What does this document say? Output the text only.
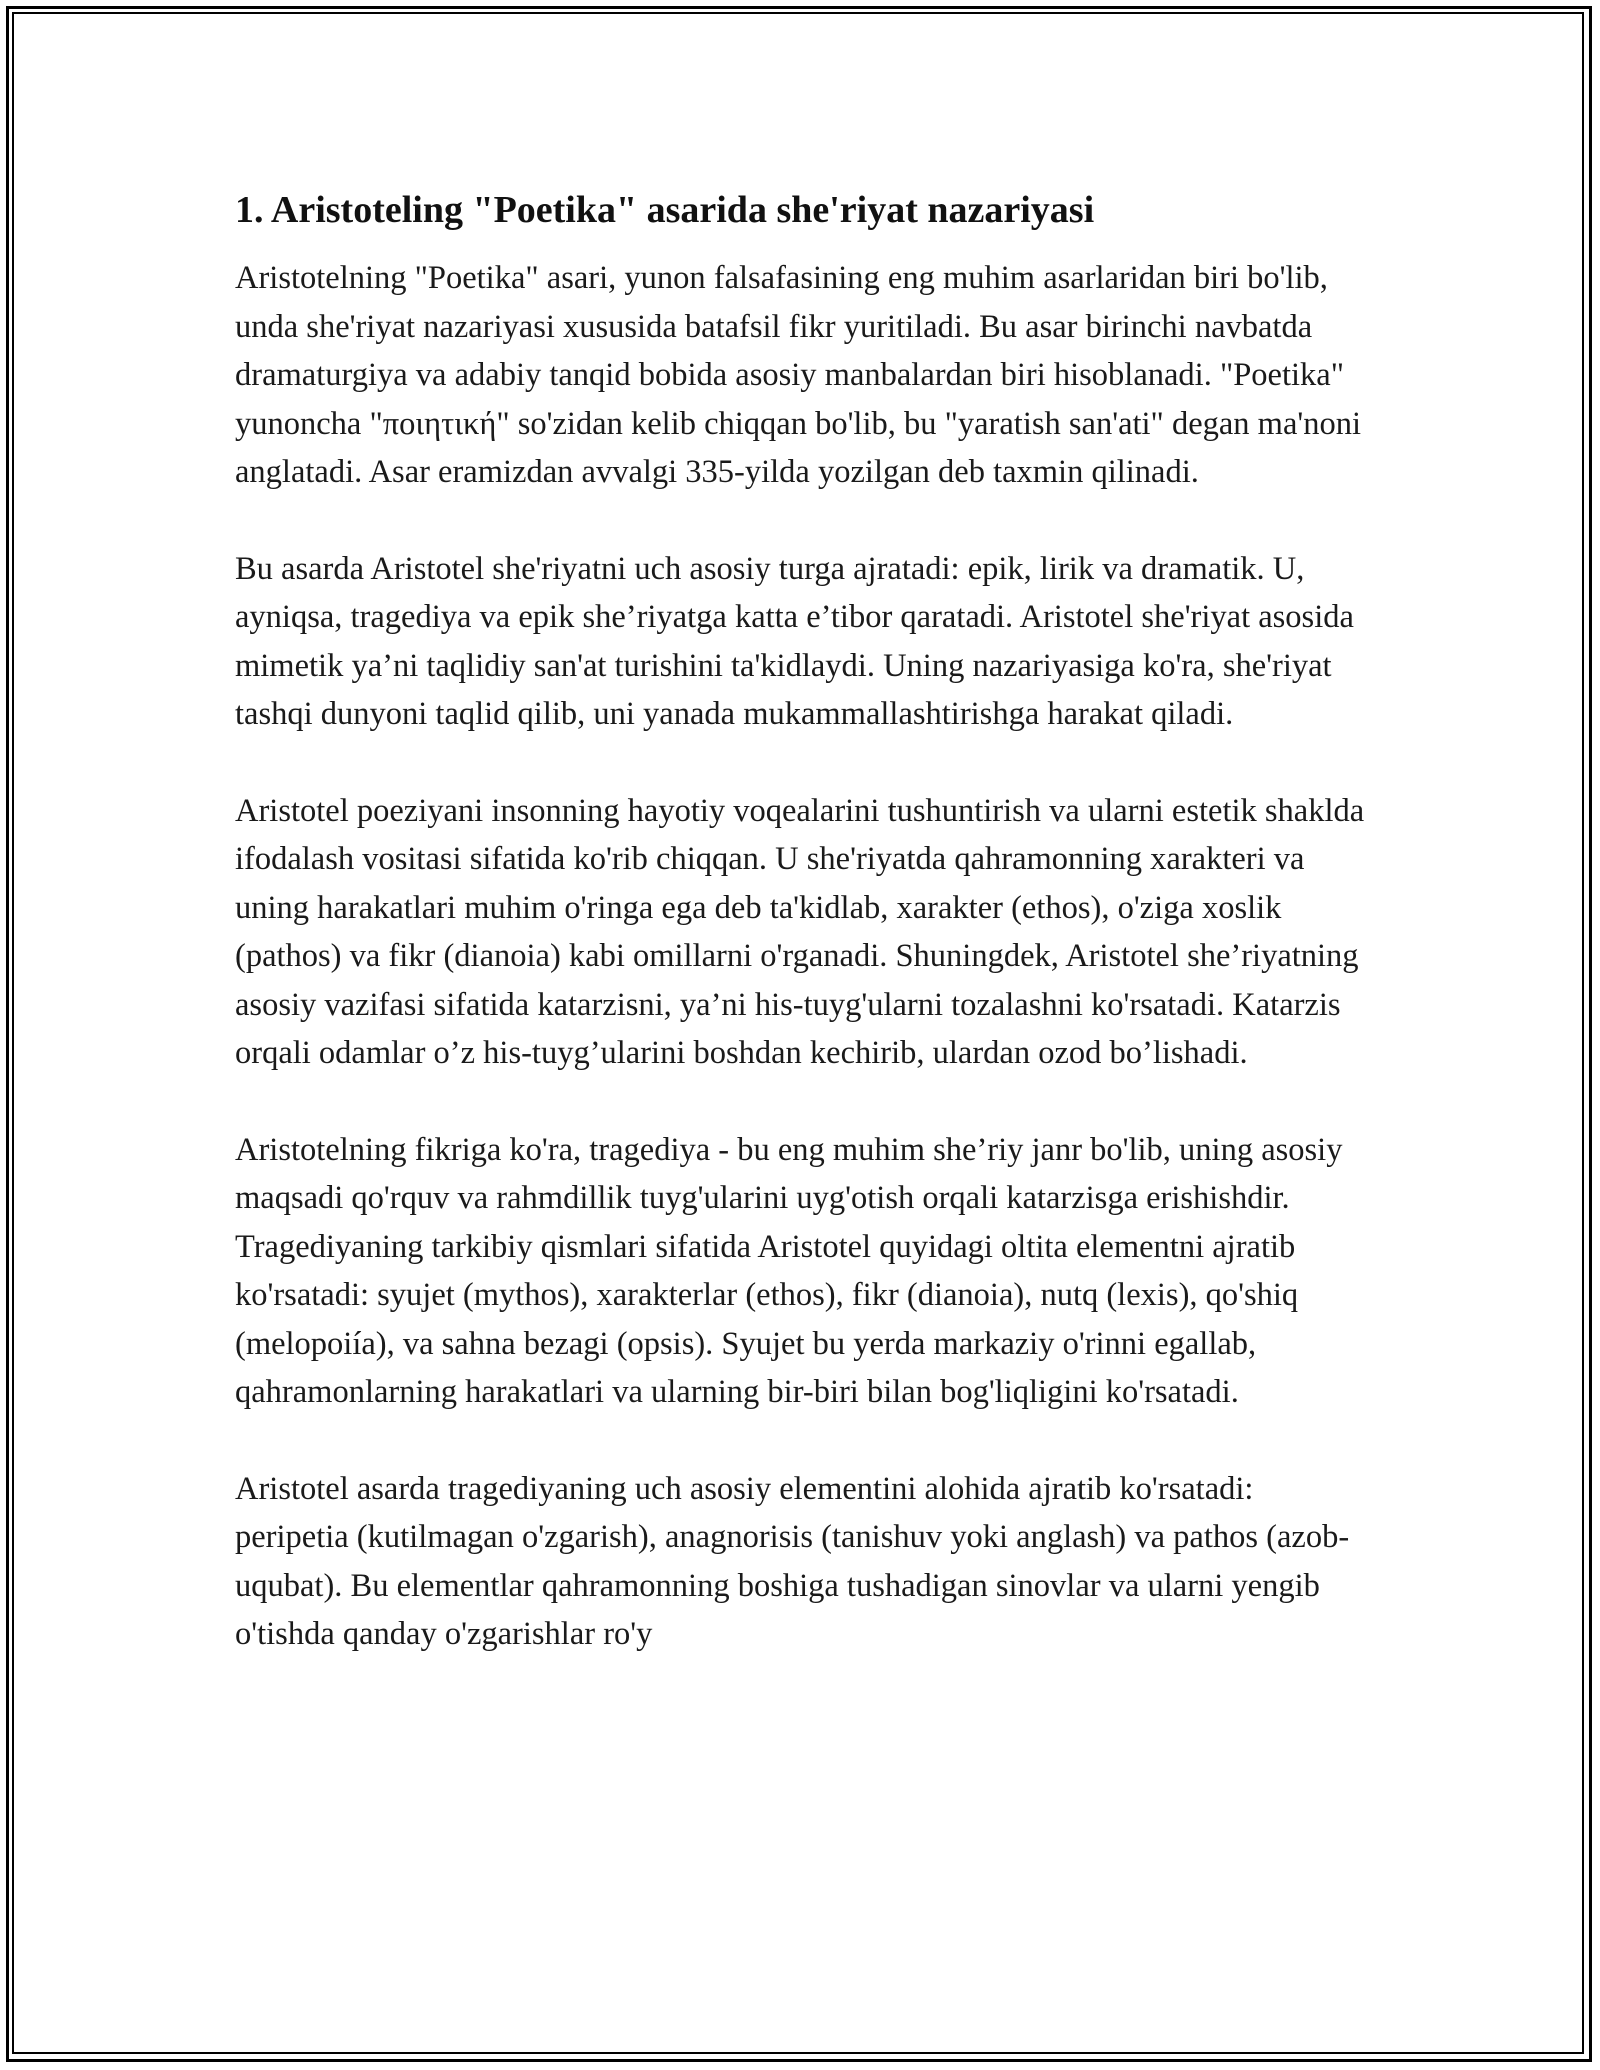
1. Aristoteling "Poetika" asarida she'riyat nazariyasi

Aristotelning "Poetika" asari, yunon falsafasining eng muhim asarlaridan biri bo'lib, unda she'riyat nazariyasi xususida batafsil fikr yuritiladi. Bu asar birinchi navbatda dramaturgiya va adabiy tanqid bobida asosiy manbalardan biri hisoblanadi. "Poetika" yunoncha "ποιητική" so'zidan kelib chiqqan bo'lib, bu "yaratish san'ati" degan ma'noni anglatadi. Asar eramizdan avvalgi 335-yilda yozilgan deb taxmin qilinadi.

Bu asarda Aristotel she'riyatni uch asosiy turga ajratadi: epik, lirik va dramatik. U, ayniqsa, tragediya va epik she’riyatga katta e’tibor qaratadi. Aristotel she'riyat asosida mimetik ya’ni taqlidiy san'at turishini ta'kidlaydi. Uning nazariyasiga ko'ra, she'riyat tashqi dunyoni taqlid qilib, uni yanada mukammallashtirishga harakat qiladi.

Aristotel poeziyani insonning hayotiy voqealarini tushuntirish va ularni estetik shaklda ifodalash vositasi sifatida ko'rib chiqqan. U she'riyatda qahramonning xarakteri va uning harakatlari muhim o'ringa ega deb ta'kidlab, xarakter (ethos), o'ziga xoslik (pathos) va fikr (dianoia) kabi omillarni o'rganadi. Shuningdek, Aristotel she’riyatning asosiy vazifasi sifatida katarzisni, ya’ni his-tuyg'ularni tozalashni ko'rsatadi. Katarzis orqali odamlar o’z his-tuyg’ularini boshdan kechirib, ulardan ozod bo’lishadi.

Aristotelning fikriga ko'ra, tragediya - bu eng muhim she’riy janr bo'lib, uning asosiy maqsadi qo'rquv va rahmdillik tuyg'ularini uyg'otish orqali katarzisga erishishdir. Tragediyaning tarkibiy qismlari sifatida Aristotel quyidagi oltita elementni ajratib ko'rsatadi: syujet (mythos), xarakterlar (ethos), fikr (dianoia), nutq (lexis), qo'shiq (melopoiía), va sahna bezagi (opsis). Syujet bu yerda markaziy o'rinni egallab, qahramonlarning harakatlari va ularning bir-biri bilan bog'liqligini ko'rsatadi.

Aristotel asarda tragediyaning uch asosiy elementini alohida ajratib ko'rsatadi: peripetia (kutilmagan o'zgarish), anagnorisis (tanishuv yoki anglash) va pathos (azob-uqubat). Bu elementlar qahramonning boshiga tushadigan sinovlar va ularni yengib o'tishda qanday o'zgarishlar ro'y
